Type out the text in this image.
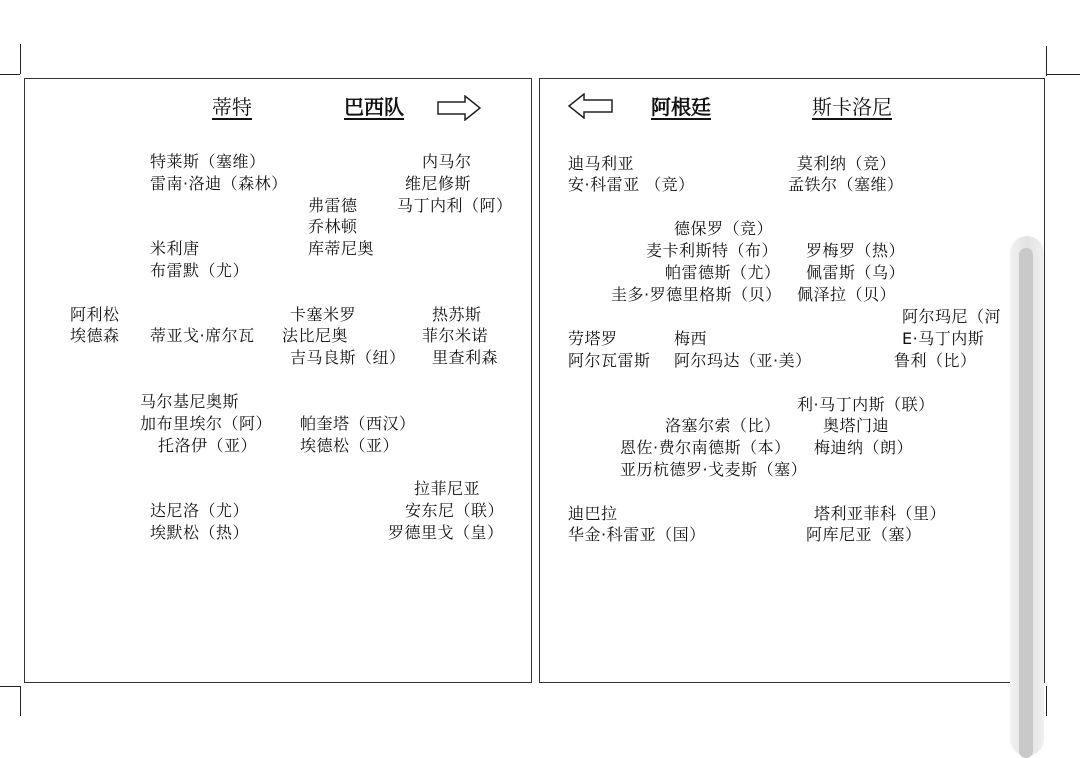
蒂特	巴西队
特莱斯（塞维）
雷南·洛迪（森林）
内马尔
维尼修斯
马丁内利（阿）
弗雷德
乔林顿
库蒂尼奥
米利唐
布雷默（尤）
阿利松
埃德森
卡塞米罗
法比尼奥
吉马良斯（纽）
热苏斯
菲尔米诺
里查利森
蒂亚戈·席尔瓦
马尔基尼奥斯
加布里埃尔（阿）
托洛伊（亚）
帕奎塔（西汉）
埃德松（亚）
拉菲尼亚
安东尼（联）
罗德里戈（皇）
达尼洛（尤）
埃默松（热）
阿根廷	斯卡洛尼
迪马利亚
安·科雷亚 （竞）
莫利纳（竞）
孟铁尔（塞维）
德保罗（竞）
麦卡利斯特（布） 罗梅罗（热）
帕雷德斯（尤） 佩雷斯（乌）
圭多·罗德里格斯（贝） 佩泽拉（贝）
阿尔玛尼（河
E·马丁内斯
劳塔罗
阿尔瓦雷斯
梅西
阿尔玛达（亚·美）	鲁利（比）
利·马丁内斯（联）
洛塞尔索（比）	奥塔门迪
恩佐·费尔南德斯（本） 梅迪纳（朗）
亚历杭德罗·戈麦斯（塞）
迪巴拉
华金·科雷亚（国）
塔利亚菲科（里）
阿库尼亚（塞）
